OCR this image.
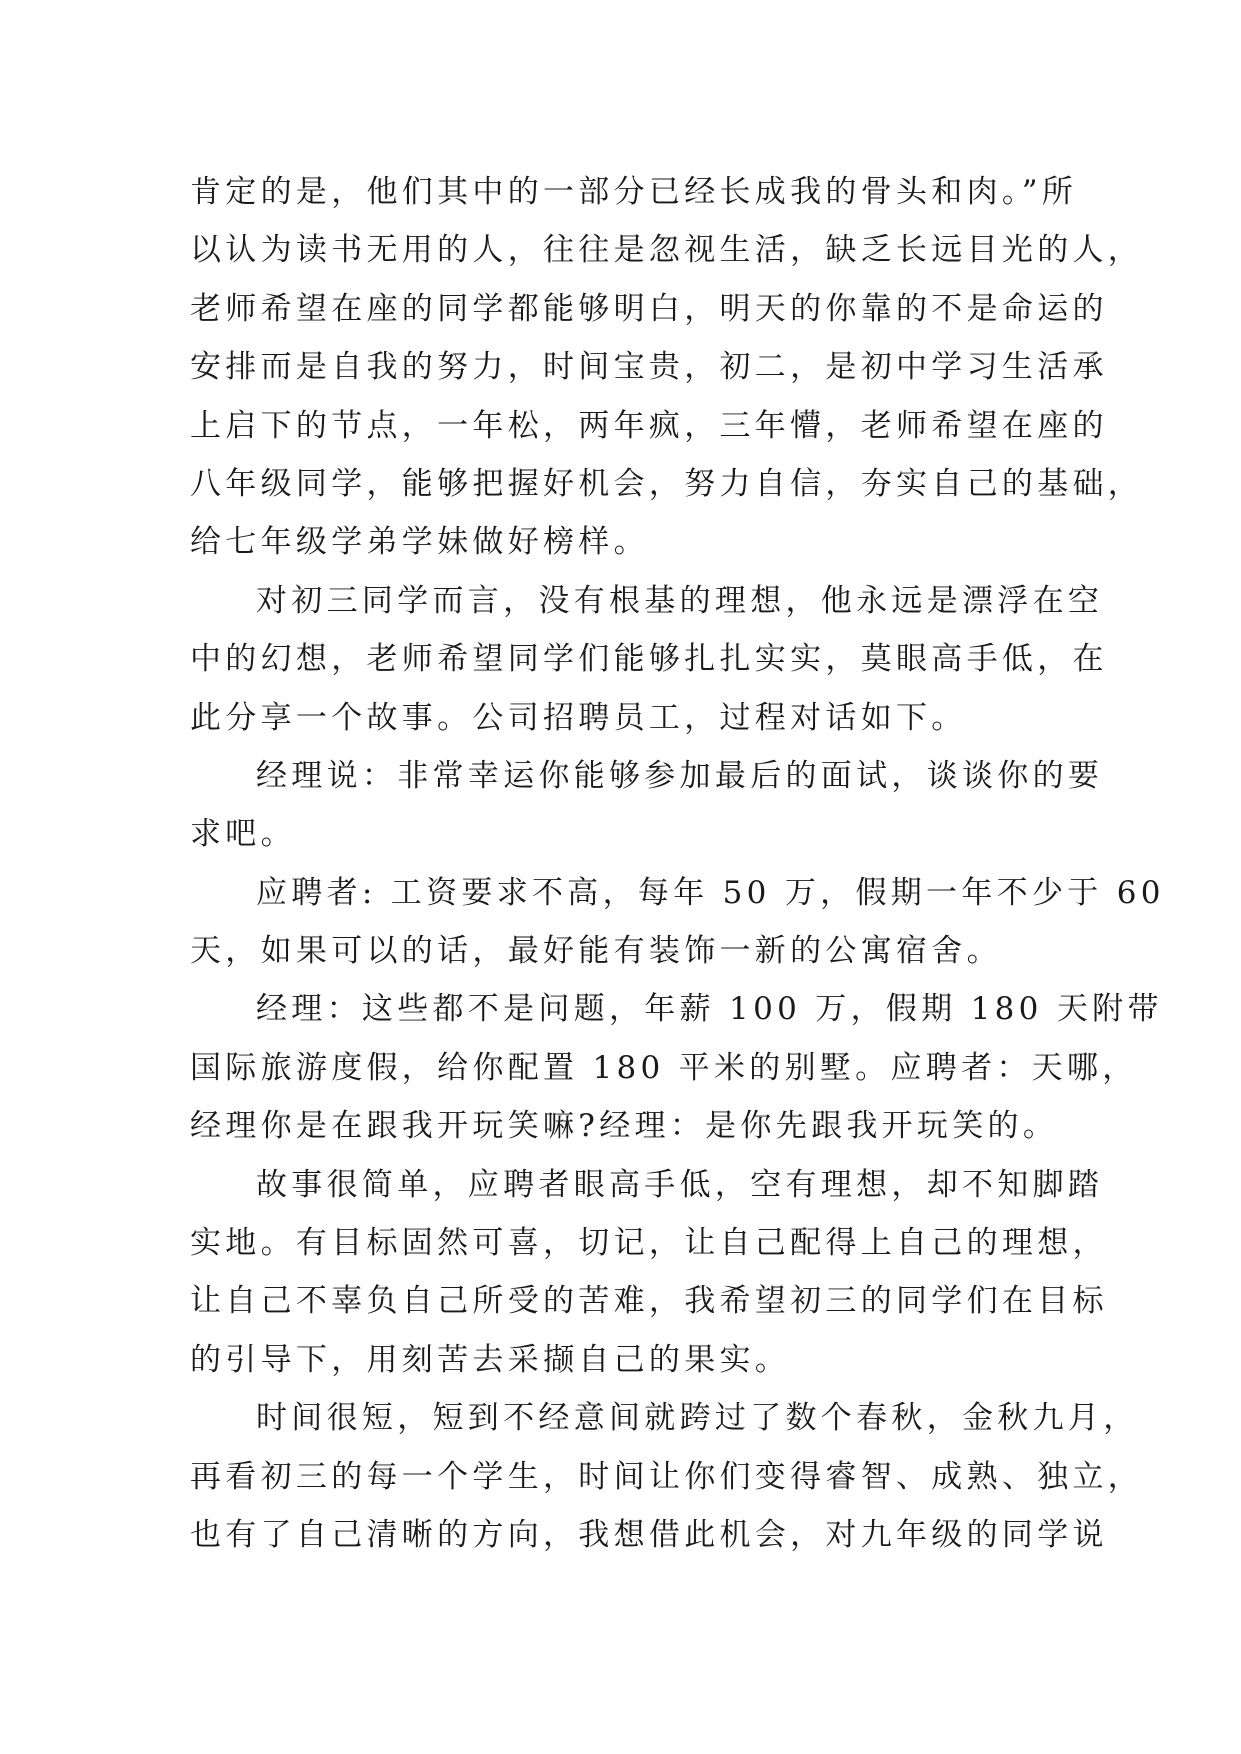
肯定的是，他们其中的一部分已经长成我的骨头和肉。”所
以认为读书无用的人，往往是忽视生活，缺乏长远目光的人，
老师希望在座的同学都能够明白，明天的你靠的不是命运的
安排而是自我的努力，时间宝贵，初二，是初中学习生活承
上启下的节点，一年松，两年疯，三年懵，老师希望在座的
八年级同学，能够把握好机会，努力自信，夯实自己的基础，
给七年级学弟学妹做好榜样。
对初三同学而言，没有根基的理想，他永远是漂浮在空
中的幻想，老师希望同学们能够扎扎实实，莫眼高手低，在
此分享一个故事。公司招聘员工，过程对话如下。
经理说：非常幸运你能够参加最后的面试，谈谈你的要
求吧。
应聘者: 工资要求不高，每年 50 万，假期一年不少于 60
天，如果可以的话，最好能有装饰一新的公寓宿舍。
经理：这些都不是问题，年薪 100 万，假期 180 天附带
国际旅游度假，给你配置 180 平米的别墅。应聘者：天哪，
经理你是在跟我开玩笑嘛?经理：是你先跟我开玩笑的。
故事很简单，应聘者眼高手低，空有理想，却不知脚踏
实地。有目标固然可喜，切记，让自己配得上自己的理想，
让自己不辜负自己所受的苦难，我希望初三的同学们在目标
的引导下，用刻苦去采撷自己的果实。
时间很短，短到不经意间就跨过了数个春秋，金秋九月，
再看初三的每一个学生，时间让你们变得睿智、成熟、独立，
也有了自己清晰的方向，我想借此机会，对九年级的同学说
